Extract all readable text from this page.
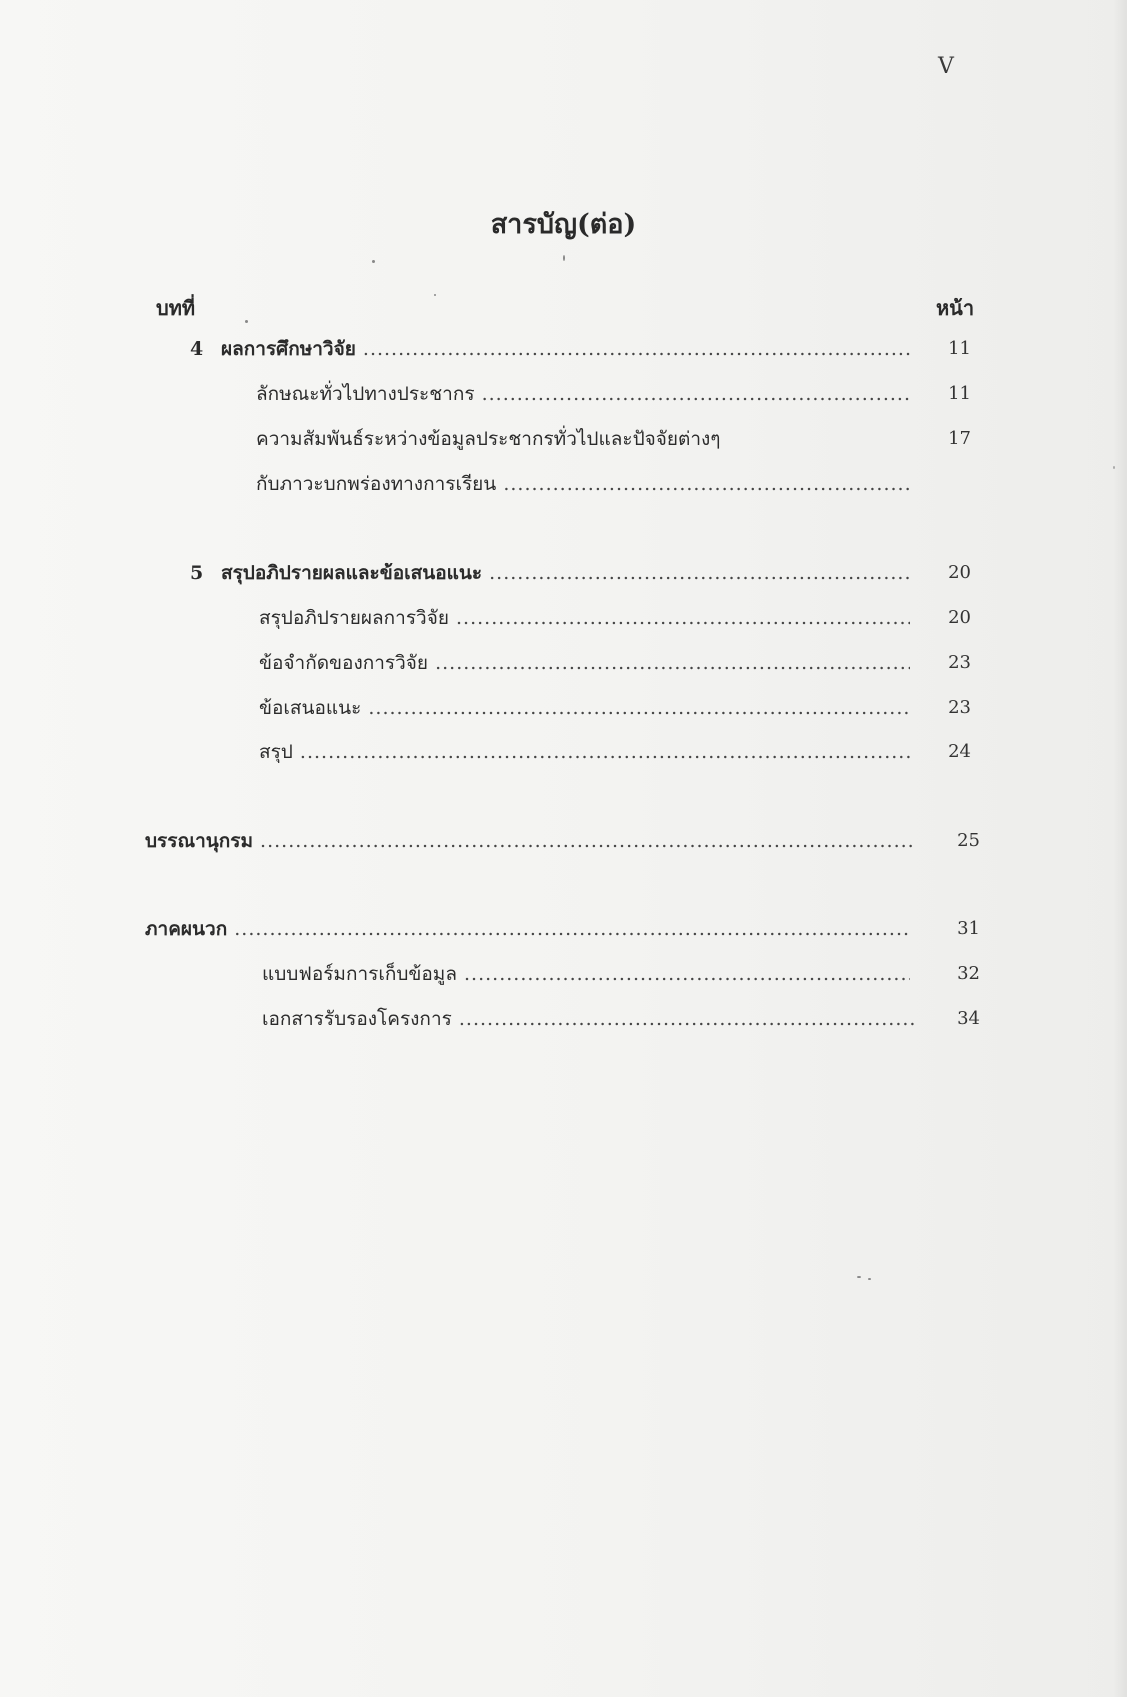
V
สารบัญ(ต่อ)
บทที่	หน้า
4 ผลการศึกษาวิจัย .....	11
ลักษณะทั่วไปทางประชากร .....	11
ความสัมพันธ์ระหว่างข้อมูลประชากรทั่วไปและปัจจัยต่างๆ	17
กับภาวะบกพร่องทางการเรียน .....
5 สรุปอภิปรายผลและข้อเสนอแนะ .....	20
สรุปอภิปรายผลการวิจัย .....	20
ข้อจำกัดของการวิจัย .....	23
ข้อเสนอแนะ .....	23
สรุป .....	24
บรรณานุกรม .....	25
ภาคผนวก .....	31
แบบฟอร์มการเก็บข้อมูล .....	32
เอกสารรับรองโครงการ .....	34
